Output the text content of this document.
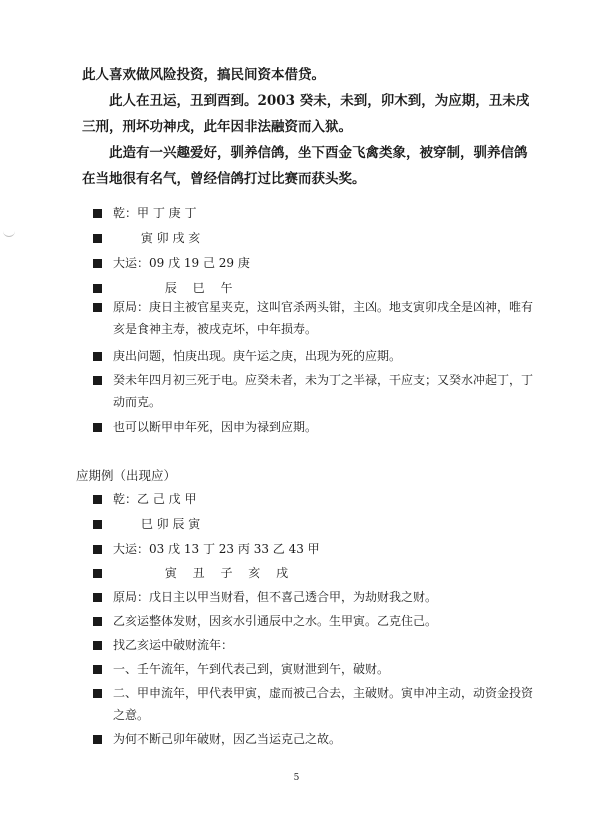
此人喜欢做风险投资，搞民间资本借贷。

此人在丑运，丑到酉到。2003 癸未，未到，卯木到，为应期，丑未戌三刑，刑坏功神戌，此年因非法融资而入狱。

此造有一兴趣爱好，驯养信鸽，坐下酉金飞禽类象，被穿制，驯养信鸽在当地很有名气，曾经信鸽打过比赛而获头奖。

乾：甲 丁 庚 丁
　　 寅 卯 戌 亥
大运：09 戊 19 己 29 庚
　　　　 辰　 巳　 午
原局：庚日主被官星夹克，这叫官杀两头钳，主凶。地支寅卯戌全是凶神，唯有亥是食神主寿，被戌克坏，中年损寿。
庚出问题，怕庚出现。庚午运之庚，出现为死的应期。
癸未年四月初三死于电。应癸未者，未为丁之半禄，干应支；又癸水冲起丁，丁动而克。
也可以断甲申年死，因申为禄到应期。
应期例（出现应）
乾：乙 己 戊 甲
　　 巳 卯 辰 寅
大运：03 戊 13 丁 23 丙 33 乙 43 甲
　　　　 寅　 丑　 子　 亥　 戌
原局：戊日主以甲当财看，但不喜己透合甲，为劫财我之财。
乙亥运整体发财，因亥水引通辰中之水。生甲寅。乙克住己。
找乙亥运中破财流年：
一、壬午流年，午到代表己到，寅财泄到午，破财。
二、甲申流年，甲代表甲寅，虚而被己合去，主破财。寅申冲主动，动资金投资之意。
为何不断己卯年破财，因乙当运克己之故。
5
